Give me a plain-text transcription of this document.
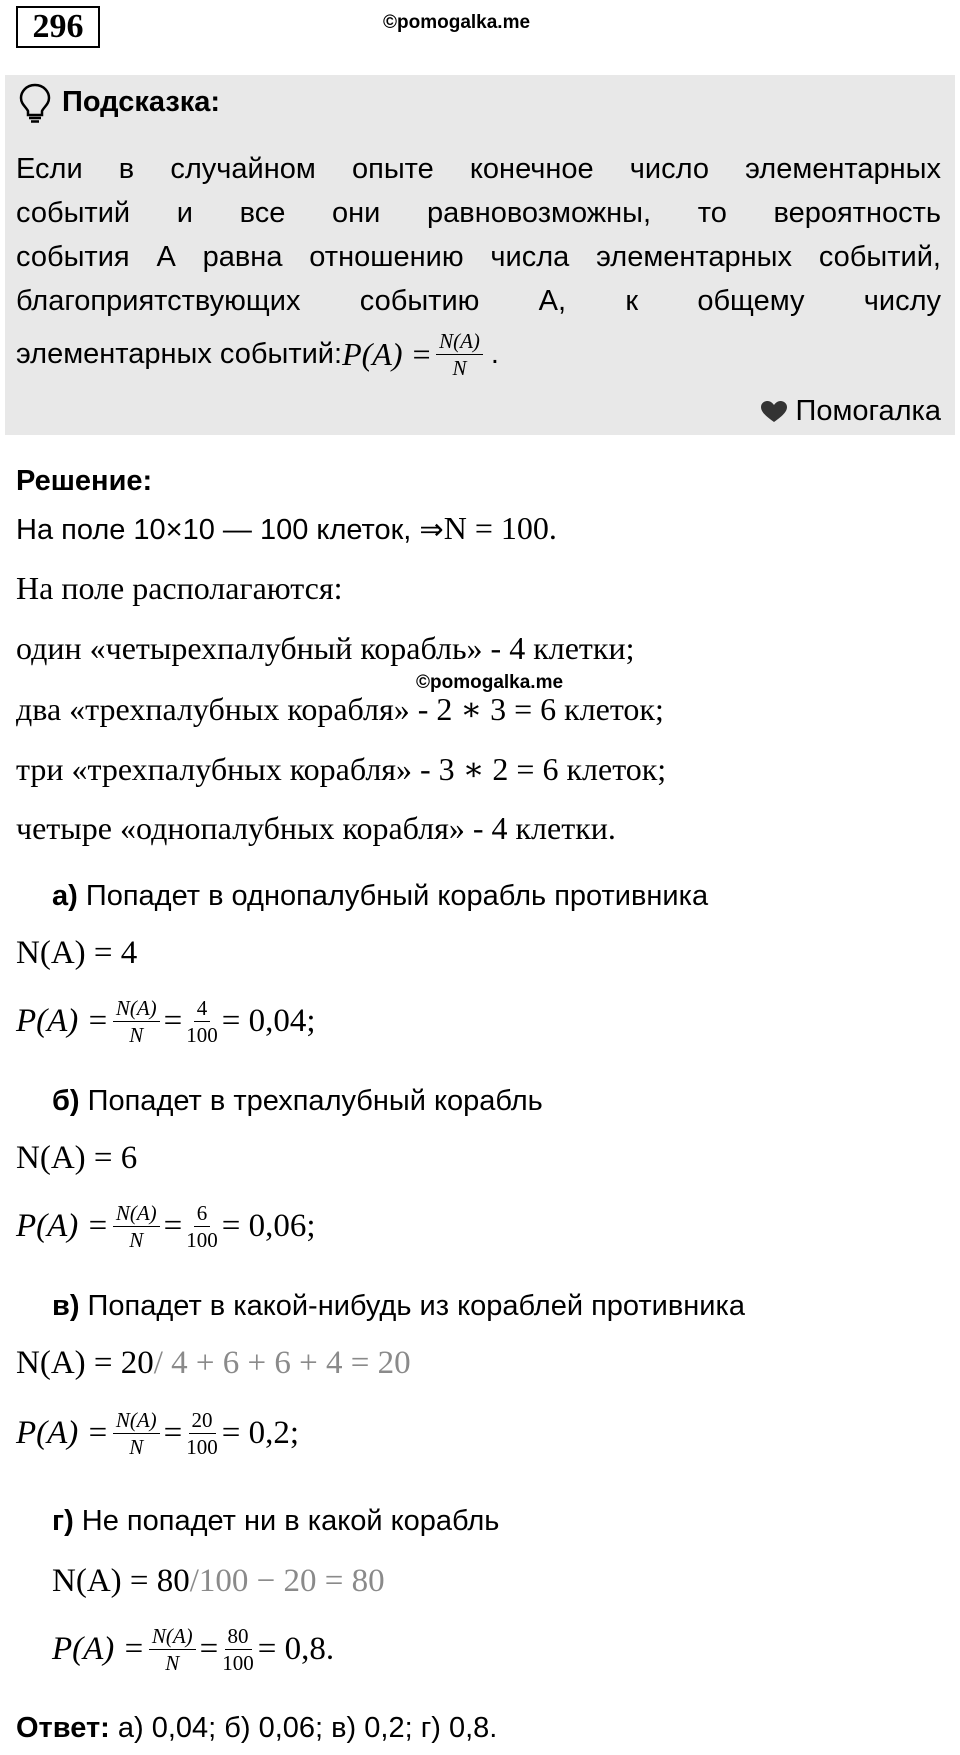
296	©pomogalka.me
Подсказка:
Если в случайном опыте конечное число элементарных
событий и все они равновозможны, то вероятность
события А равна отношению числа элементарных событий,
благоприятствующих событию А, к общему числу
элементарных событий: $P(A) = \frac{N(A)}{N}$ .
Помогалка
Решение:
На поле 10×10 — 100 клеток, ⇒ N = 100.
На поле располагаются:
один «четырехпалубный корабль» - 4 клетки;
©pomogalka.me
два «трехпалубных корабля» - 2 ∗ 3 = 6 клеток;
три «трехпалубных корабля» - 3 ∗ 2 = 6 клеток;
четыре «однопалубных корабля» - 4 клетки.
а) Попадет в однопалубный корабль противника
N(A) = 4
$P(A) = \frac{N(A)}{N} = \frac{4}{100} = 0,04$;
б) Попадет в трехпалубный корабль
N(A) = 6
$P(A) = \frac{N(A)}{N} = \frac{6}{100} = 0,06$;
в) Попадет в какой-нибудь из кораблей противника
N(A) = 20 / 4 + 6 + 6 + 4 = 20
$P(A) = \frac{N(A)}{N} = \frac{20}{100} = 0,2$;
г) Не попадет ни в какой корабль
N(A) = 80 /100 − 20 = 80
$P(A) = \frac{N(A)}{N} = \frac{80}{100} = 0,8$.
Ответ: а) 0,04; б) 0,06; в) 0,2; г) 0,8.
